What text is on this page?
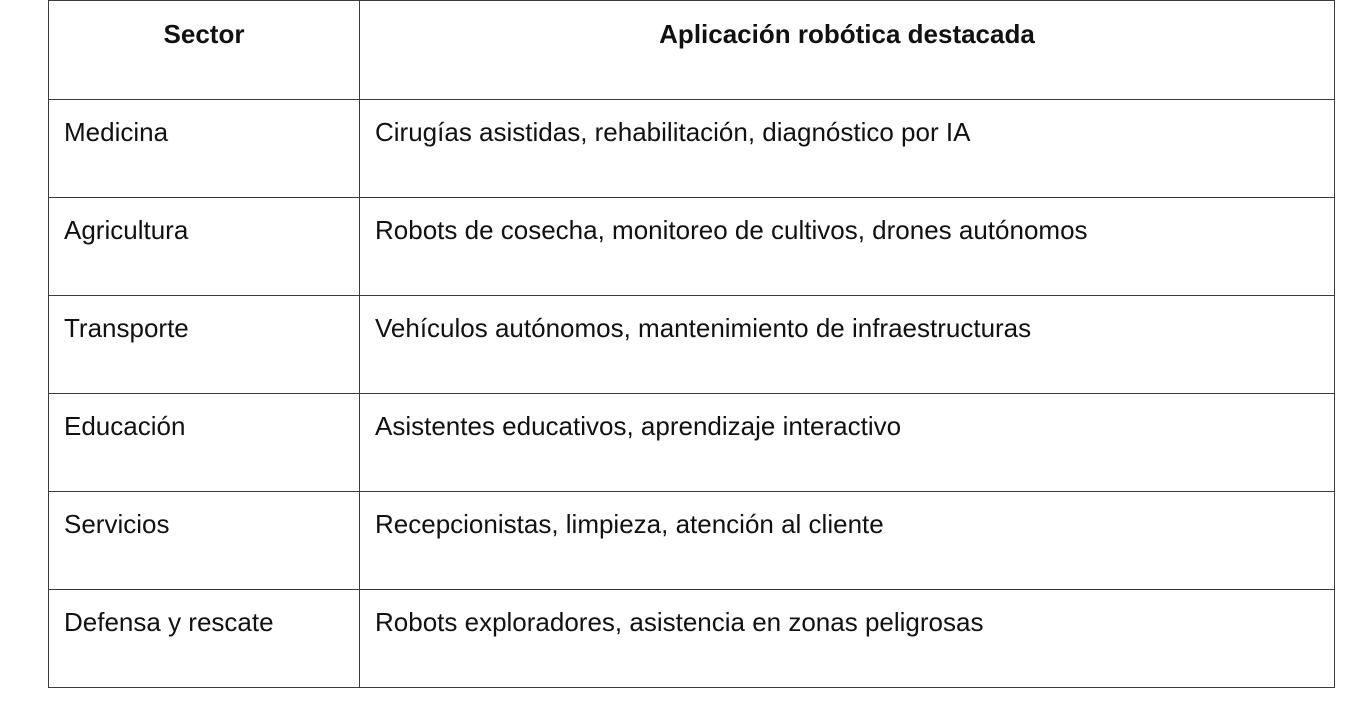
Sector	Aplicación robótica destacada

Medicina	Cirugías asistidas, rehabilitación, diagnóstico por IA

Agricultura	Robots de cosecha, monitoreo de cultivos, drones autónomos

Transporte	Vehículos autónomos, mantenimiento de infraestructuras

Educación	Asistentes educativos, aprendizaje interactivo

Servicios	Recepcionistas, limpieza, atención al cliente

Defensa y rescate	Robots exploradores, asistencia en zonas peligrosas
